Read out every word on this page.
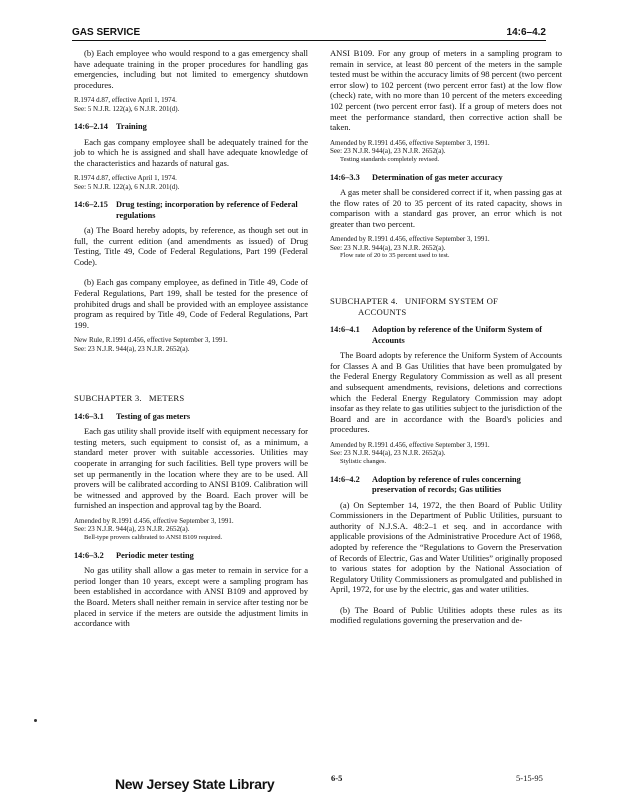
GAS SERVICE	14:6–4.2

(b) Each employee who would respond to a gas emergency shall have adequate training in the proper procedures for handling gas emergencies, including but not limited to emergency shutdown procedures.

R.1974 d.87, effective April 1, 1974.

See: 5 N.J.R. 122(a), 6 N.J.R. 201(d).

14:6–2.14 Training

Each gas company employee shall be adequately trained for the job to which he is assigned and shall have adequate knowledge of the characteristics and hazards of natural gas.

R.1974 d.87, effective April 1, 1974.

See: 5 N.J.R. 122(a), 6 N.J.R. 201(d).

14:6–2.15 Drug testing; incorporation by reference of Federal regulations

(a) The Board hereby adopts, by reference, as though set out in full, the current edition (and amendments as issued) of Drug Testing, Title 49, Code of Federal Regulations, Part 199 (Federal Code).

(b) Each gas company employee, as defined in Title 49, Code of Federal Regulations, Part 199, shall be tested for the presence of prohibited drugs and shall be provided with an employee assistance program as required by Title 49, Code of Federal Regulations, Part 199.

New Rule, R.1991 d.456, effective September 3, 1991.

See: 23 N.J.R. 944(a), 23 N.J.R. 2652(a).

SUBCHAPTER 3.   METERS

14:6–3.1 Testing of gas meters

Each gas utility shall provide itself with equipment necessary for testing meters, such equipment to consist of, as a minimum, a standard meter prover with suitable accessories. Utilities may cooperate in arranging for such facilities. Bell type provers will be set up permanently in the location where they are to be used. All provers will be calibrated according to ANSI B109. Calibration will be witnessed and approved by the Board. Each prover will be furnished an inspection and approval tag by the Board.

Amended by R.1991 d.456, effective September 3, 1991.

See: 23 N.J.R. 944(a), 23 N.J.R. 2652(a).

Bell-type provers calibrated to ANSI B109 required.

14:6–3.2 Periodic meter testing

No gas utility shall allow a gas meter to remain in service for a period longer than 10 years, except were a sampling program has been established in accordance with ANSI B109 and approved by the Board. Meters shall neither remain in service after testing nor be placed in service if the meters are outside the adjustment limits in accordance with

ANSI B109. For any group of meters in a sampling program to remain in service, at least 80 percent of the meters in the sample tested must be within the accuracy limits of 98 percent (two percent error slow) to 102 percent (two percent error fast) at the low flow (check) rate, with no more than 10 percent of the meters exceeding 102 percent (two percent error fast). If a group of meters does not meet the performance standard, then corrective action shall be taken.

Amended by R.1991 d.456, effective September 3, 1991.

See: 23 N.J.R. 944(a), 23 N.J.R. 2652(a).

Testing standards completely revised.

14:6–3.3 Determination of gas meter accuracy

A gas meter shall be considered correct if it, when passing gas at the flow rates of 20 to 35 percent of its rated capacity, shows in comparison with a standard gas prover, an error which is not greater than two percent.

Amended by R.1991 d.456, effective September 3, 1991.

See: 23 N.J.R. 944(a), 23 N.J.R. 2652(a).

Flow rate of 20 to 35 percent used to test.

SUBCHAPTER 4.   UNIFORM SYSTEM OF

ACCOUNTS

14:6–4.1 Adoption by reference of the Uniform System of Accounts

The Board adopts by reference the Uniform System of Accounts for Classes A and B Gas Utilities that have been promulgated by the Federal Energy Regulatory Commission as well as all present and subsequent amendments, revisions, deletions and corrections which the Federal Energy Regulatory Commission may adopt insofar as they relate to gas utilities subject to the jurisdiction of the Board and are in accordance with the Board's policies and procedures.

Amended by R.1991 d.456, effective September 3, 1991.

See: 23 N.J.R. 944(a), 23 N.J.R. 2652(a).

Stylistic changes.

14:6–4.2 Adoption by reference of rules concerning preservation of records; Gas utilities

(a) On September 14, 1972, the then Board of Public Utility Commissioners in the Department of Public Utilities, pursuant to authority of N.J.S.A. 48:2–1 et seq. and in accordance with applicable provisions of the Administrative Procedure Act of 1968, adopted by reference the “Regulations to Govern the Preservation of Records of Electric, Gas and Water Utilities” originally proposed to various states for adoption by the National Association of Regulatory Utility Commissioners as promulgated and published in April, 1972, for use by the electric, gas and water utilities.

(b) The Board of Public Utilities adopts these rules as its modified regulations governing the preservation and de-

New Jersey State Library	6-5	5-15-95
